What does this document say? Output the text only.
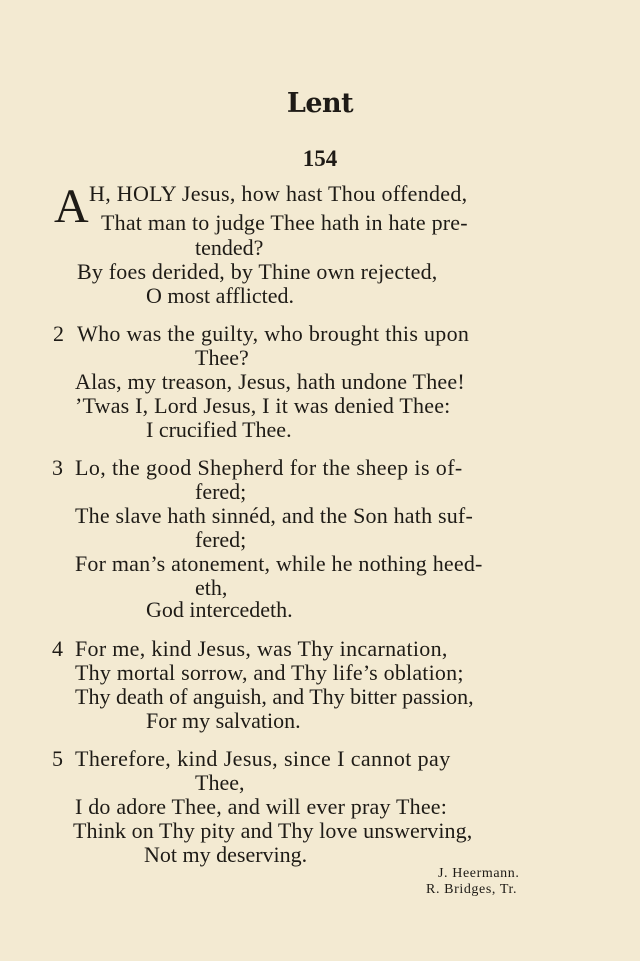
Lent
154
A H, HOLY Jesus, how hast Thou offended,
That man to judge Thee hath in hate pre-
tended?
By foes derided, by Thine own rejected,
O most afflicted.
2 Who was the guilty, who brought this upon
Thee?
Alas, my treason, Jesus, hath undone Thee!
’Twas I, Lord Jesus, I it was denied Thee:
I crucified Thee.
3 Lo, the good Shepherd for the sheep is of-
fered;
The slave hath sinnéd, and the Son hath suf-
fered;
For man’s atonement, while he nothing heed-
eth,
God intercedeth.
4 For me, kind Jesus, was Thy incarnation,
Thy mortal sorrow, and Thy life’s oblation;
Thy death of anguish, and Thy bitter passion,
For my salvation.
5 Therefore, kind Jesus, since I cannot pay
Thee,
I do adore Thee, and will ever pray Thee:
Think on Thy pity and Thy love unswerving,
Not my deserving.
J. Heermann.
R. Bridges, Tr.
